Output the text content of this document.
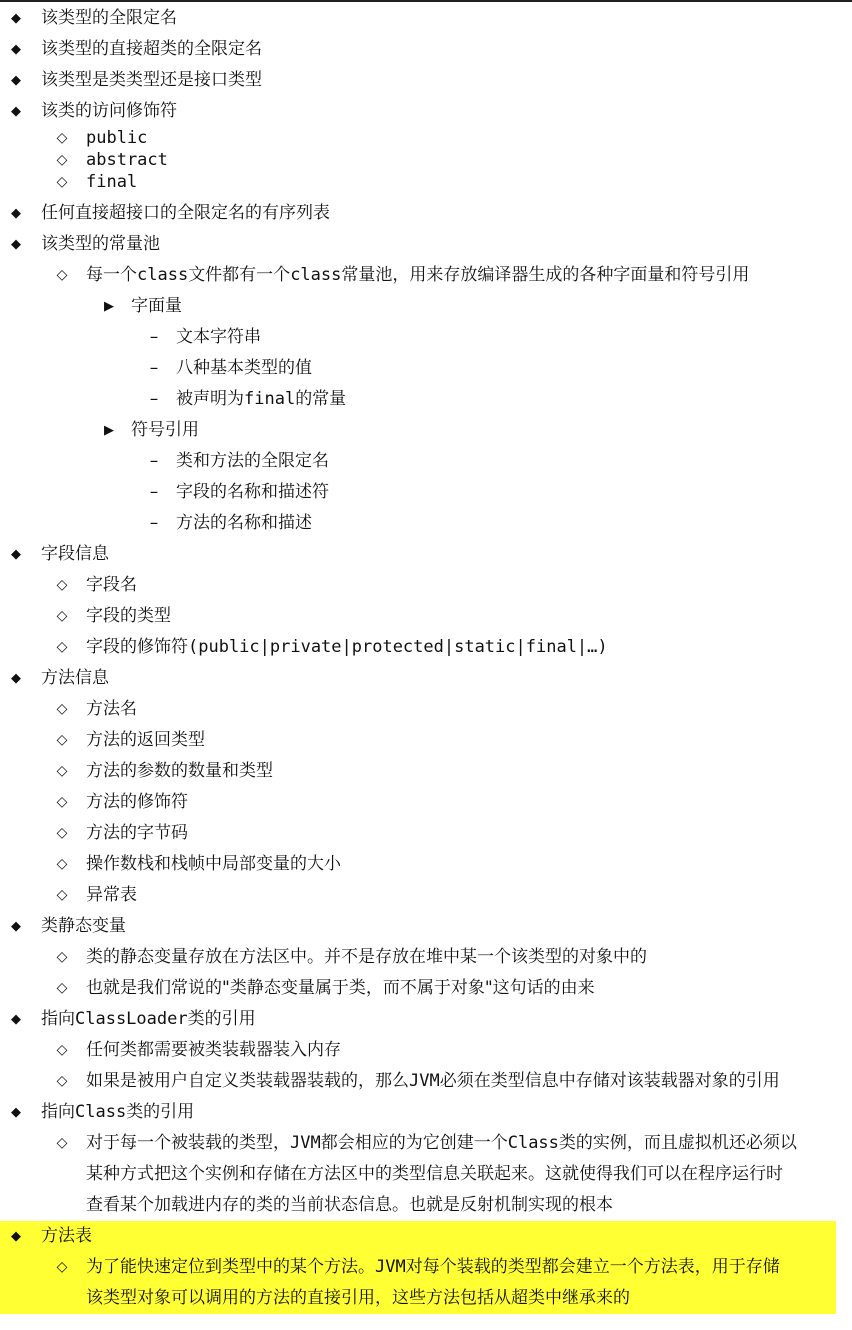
◆ 该类型的全限定名
◆ 该类型的直接超类的全限定名
◆ 该类型是类类型还是接口类型
◆ 该类的访问修饰符
◇ public
◇ abstract
◇ final
◆ 任何直接超接口的全限定名的有序列表
◆ 该类型的常量池
◇ 每一个class文件都有一个class常量池，用来存放编译器生成的各种字面量和符号引用
▶ 字面量
– 文本字符串
– 八种基本类型的值
– 被声明为final的常量
▶ 符号引用
– 类和方法的全限定名
– 字段的名称和描述符
– 方法的名称和描述
◆ 字段信息
◇ 字段名
◇ 字段的类型
◇ 字段的修饰符(public|private|protected|static|final|…)
◆ 方法信息
◇ 方法名
◇ 方法的返回类型
◇ 方法的参数的数量和类型
◇ 方法的修饰符
◇ 方法的字节码
◇ 操作数栈和栈帧中局部变量的大小
◇ 异常表
◆ 类静态变量
◇ 类的静态变量存放在方法区中。并不是存放在堆中某一个该类型的对象中的
◇ 也就是我们常说的"类静态变量属于类，而不属于对象"这句话的由来
◆ 指向ClassLoader类的引用
◇ 任何类都需要被类装载器装入内存
◇ 如果是被用户自定义类装载器装载的，那么JVM必须在类型信息中存储对该装载器对象的引用
◆ 指向Class类的引用
◇ 对于每一个被装载的类型，JVM都会相应的为它创建一个Class类的实例，而且虚拟机还必须以
某种方式把这个实例和存储在方法区中的类型信息关联起来。这就使得我们可以在程序运行时
查看某个加载进内存的类的当前状态信息。也就是反射机制实现的根本
◆ 方法表
◇ 为了能快速定位到类型中的某个方法。JVM对每个装载的类型都会建立一个方法表，用于存储
该类型对象可以调用的方法的直接引用，这些方法包括从超类中继承来的
